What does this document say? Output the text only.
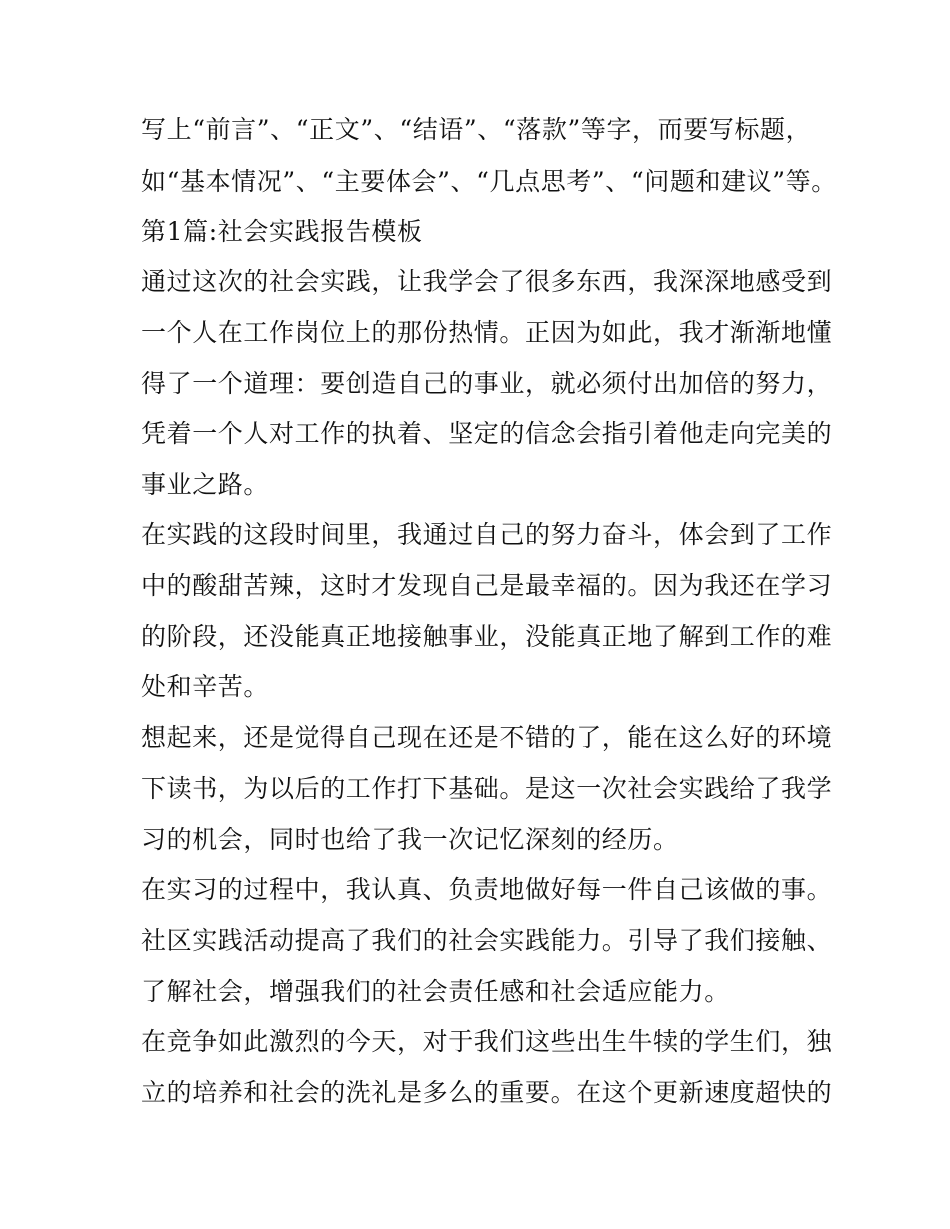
写上“前言”、“正文”、“结语”、“落款”等字，而要写标题，
如“基本情况”、“主要体会”、“几点思考”、“问题和建议”等。
第1篇:社会实践报告模板
通过这次的社会实践，让我学会了很多东西，我深深地感受到
一个人在工作岗位上的那份热情。正因为如此，我才渐渐地懂
得了一个道理：要创造自己的事业，就必须付出加倍的努力，
凭着一个人对工作的执着、坚定的信念会指引着他走向完美的
事业之路。
在实践的这段时间里，我通过自己的努力奋斗，体会到了工作
中的酸甜苦辣，这时才发现自己是最幸福的。因为我还在学习
的阶段，还没能真正地接触事业，没能真正地了解到工作的难
处和辛苦。
想起来，还是觉得自己现在还是不错的了，能在这么好的环境
下读书，为以后的工作打下基础。是这一次社会实践给了我学
习的机会，同时也给了我一次记忆深刻的经历。
在实习的过程中，我认真、负责地做好每一件自己该做的事。
社区实践活动提高了我们的社会实践能力。引导了我们接触、
了解社会，增强我们的社会责任感和社会适应能力。
在竞争如此激烈的今天，对于我们这些出生牛犊的学生们，独
立的培养和社会的洗礼是多么的重要。在这个更新速度超快的
